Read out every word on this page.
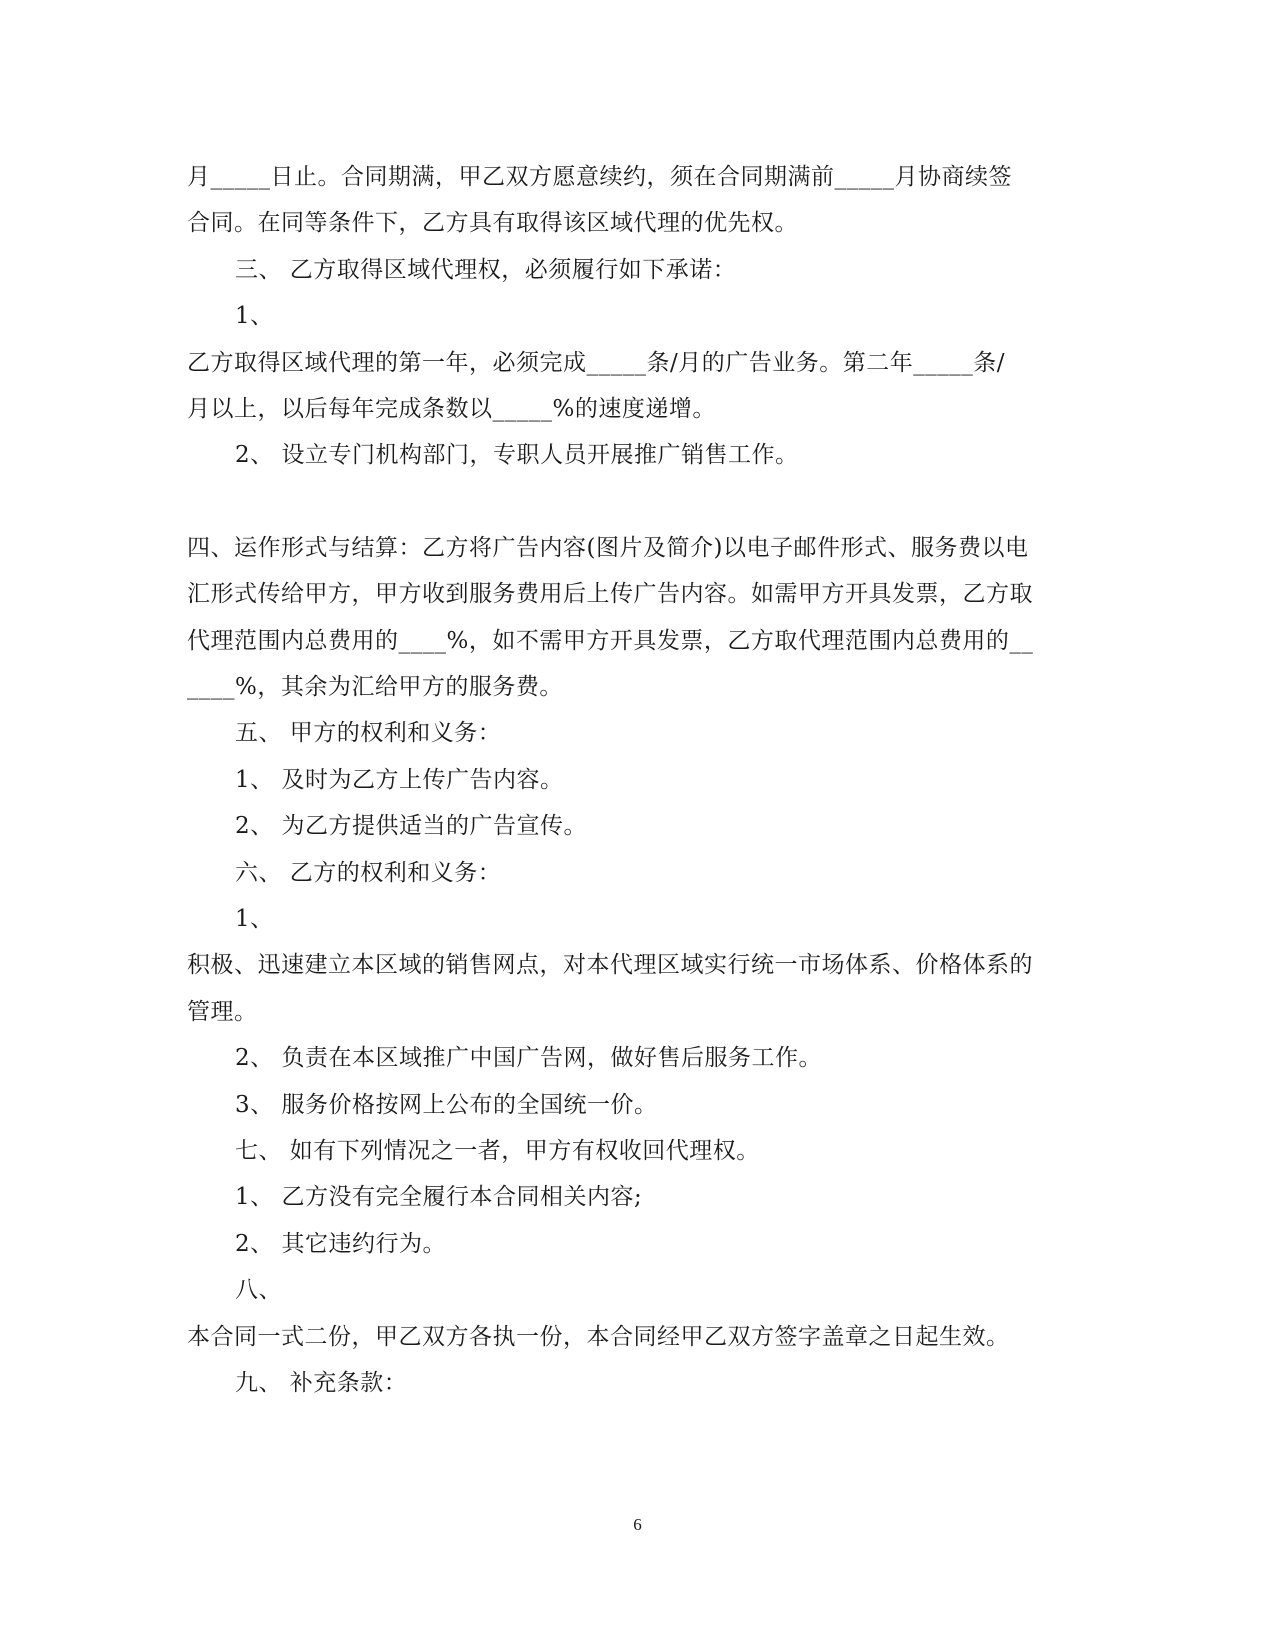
月_____日止。合同期满，甲乙双方愿意续约，须在合同期满前_____月协商续签
合同。在同等条件下，乙方具有取得该区域代理的优先权。
三、 乙方取得区域代理权，必须履行如下承诺：
1、
乙方取得区域代理的第一年，必须完成_____条/月的广告业务。第二年_____条/
月以上，以后每年完成条数以_____%的速度递增。
2、 设立专门机构部门，专职人员开展推广销售工作。
四、运作形式与结算：乙方将广告内容(图片及简介)以电子邮件形式、服务费以电
汇形式传给甲方，甲方收到服务费用后上传广告内容。如需甲方开具发票，乙方取
代理范围内总费用的____%，如不需甲方开具发票，乙方取代理范围内总费用的__
____%，其余为汇给甲方的服务费。
五、 甲方的权利和义务：
1、 及时为乙方上传广告内容。
2、 为乙方提供适当的广告宣传。
六、 乙方的权利和义务：
1、
积极、迅速建立本区域的销售网点，对本代理区域实行统一市场体系、价格体系的
管理。
2、 负责在本区域推广中国广告网，做好售后服务工作。
3、 服务价格按网上公布的全国统一价。
七、 如有下列情况之一者，甲方有权收回代理权。
1、 乙方没有完全履行本合同相关内容;
2、 其它违约行为。
八、
本合同一式二份，甲乙双方各执一份，本合同经甲乙双方签字盖章之日起生效。
九、 补充条款：
6
